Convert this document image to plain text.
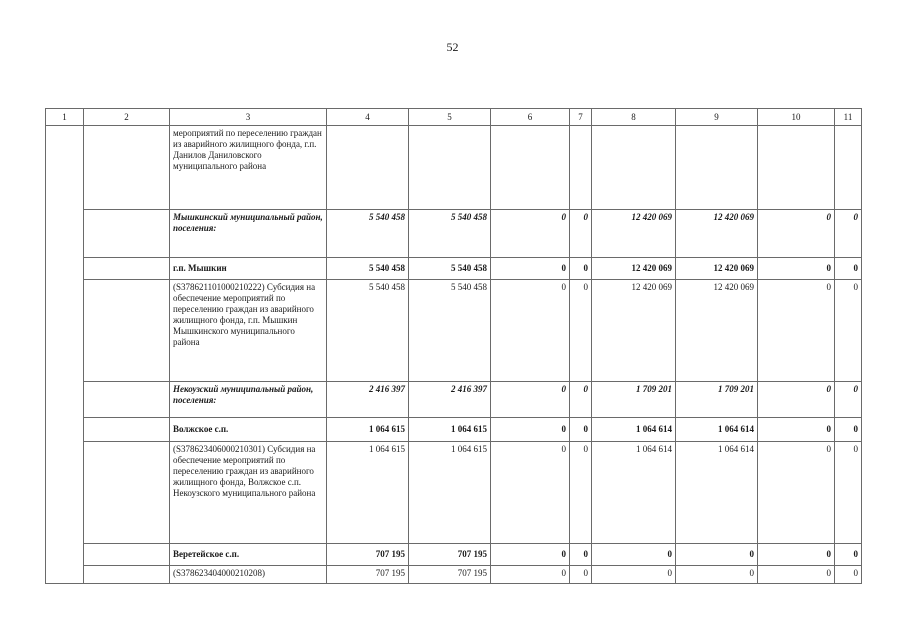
52
1	2	3	4	5	6	7	8	9	10	11
		мероприятий по переселению граждан из аварийного жилищного фонда, г.п. Данилов Даниловского муниципального района								
		Мышкинский муниципальный район, поселения:	5 540 458	5 540 458	0	0	12 420 069	12 420 069	0	0
		г.п. Мышкин	5 540 458	5 540 458	0	0	12 420 069	12 420 069	0	0
		(S378621101000210222) Субсидия на обеспечение мероприятий по переселению граждан из аварийного жилищного фонда, г.п. Мышкин Мышкинского муниципального района	5 540 458	5 540 458	0	0	12 420 069	12 420 069	0	0
		Некоузский муниципальный район, поселения:	2 416 397	2 416 397	0	0	1 709 201	1 709 201	0	0
		Волжское с.п.	1 064 615	1 064 615	0	0	1 064 614	1 064 614	0	0
		(S378623406000210301) Субсидия на обеспечение мероприятий по переселению граждан из аварийного жилищного фонда, Волжское с.п. Некоузского муниципального района	1 064 615	1 064 615	0	0	1 064 614	1 064 614	0	0
		Веретейское с.п.	707 195	707 195	0	0	0	0	0	0
		(S378623404000210208)	707 195	707 195	0	0	0	0	0	0
